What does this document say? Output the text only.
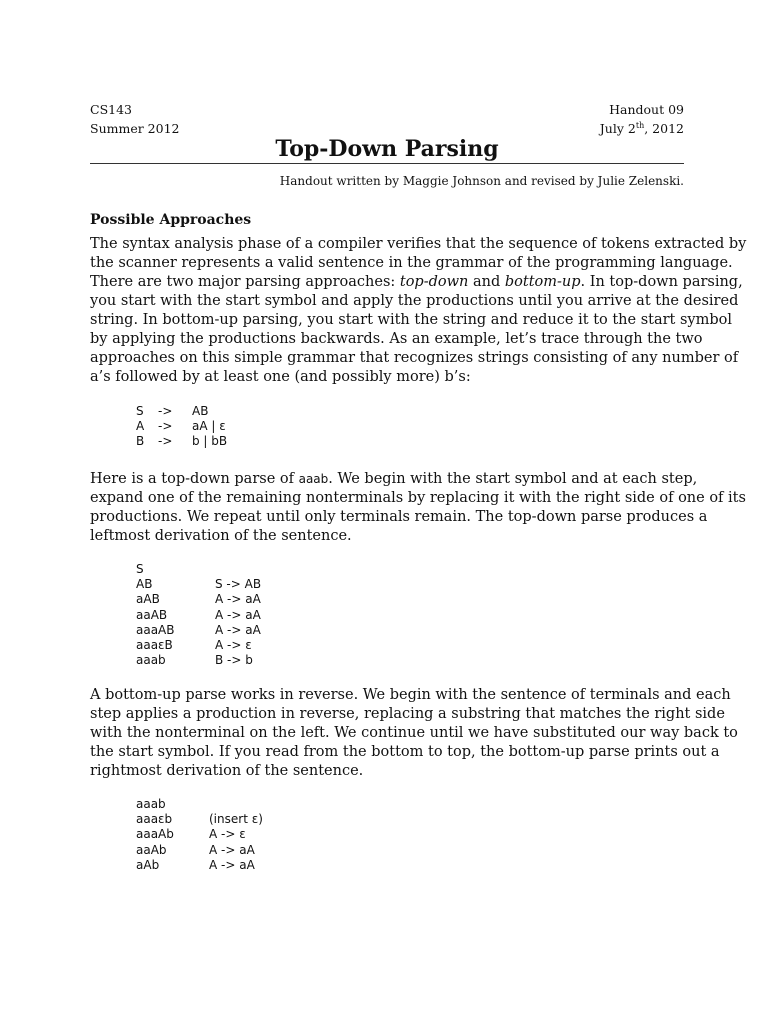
CS143
Summer 2012
Handout 09
July 2th, 2012
Top-Down Parsing
Handout written by Maggie Johnson and revised by Julie Zelenski.
Possible Approaches
The syntax analysis phase of a compiler verifies that the sequence of tokens extracted by
the scanner represents a valid sentence in the grammar of the programming language.
There are two major parsing approaches: top-down and bottom-up. In top-down parsing,
you start with the start symbol and apply the productions until you arrive at the desired
string. In bottom-up parsing, you start with the string and reduce it to the start symbol
by applying the productions backwards. As an example, let’s trace through the two
approaches on this simple grammar that recognizes strings consisting of any number of
a’s followed by at least one (and possibly more) b’s:
S -> AB
A -> aA | ε
B -> b | bB
Here is a top-down parse of aaab. We begin with the start symbol and at each step,
expand one of the remaining nonterminals by replacing it with the right side of one of its
productions. We repeat until only terminals remain. The top-down parse produces a
leftmost derivation of the sentence.
S
AB	S -> AB
aAB	A -> aA
aaAB	A -> aA
aaaAB	A -> aA
aaaεB	A -> ε
aaab	B -> b
A bottom-up parse works in reverse. We begin with the sentence of terminals and each
step applies a production in reverse, replacing a substring that matches the right side
with the nonterminal on the left. We continue until we have substituted our way back to
the start symbol. If you read from the bottom to top, the bottom-up parse prints out a
rightmost derivation of the sentence.
aaab
aaaεb	(insert ε)
aaaAb	A -> ε
aaAb	A -> aA
aAb	A -> aA
